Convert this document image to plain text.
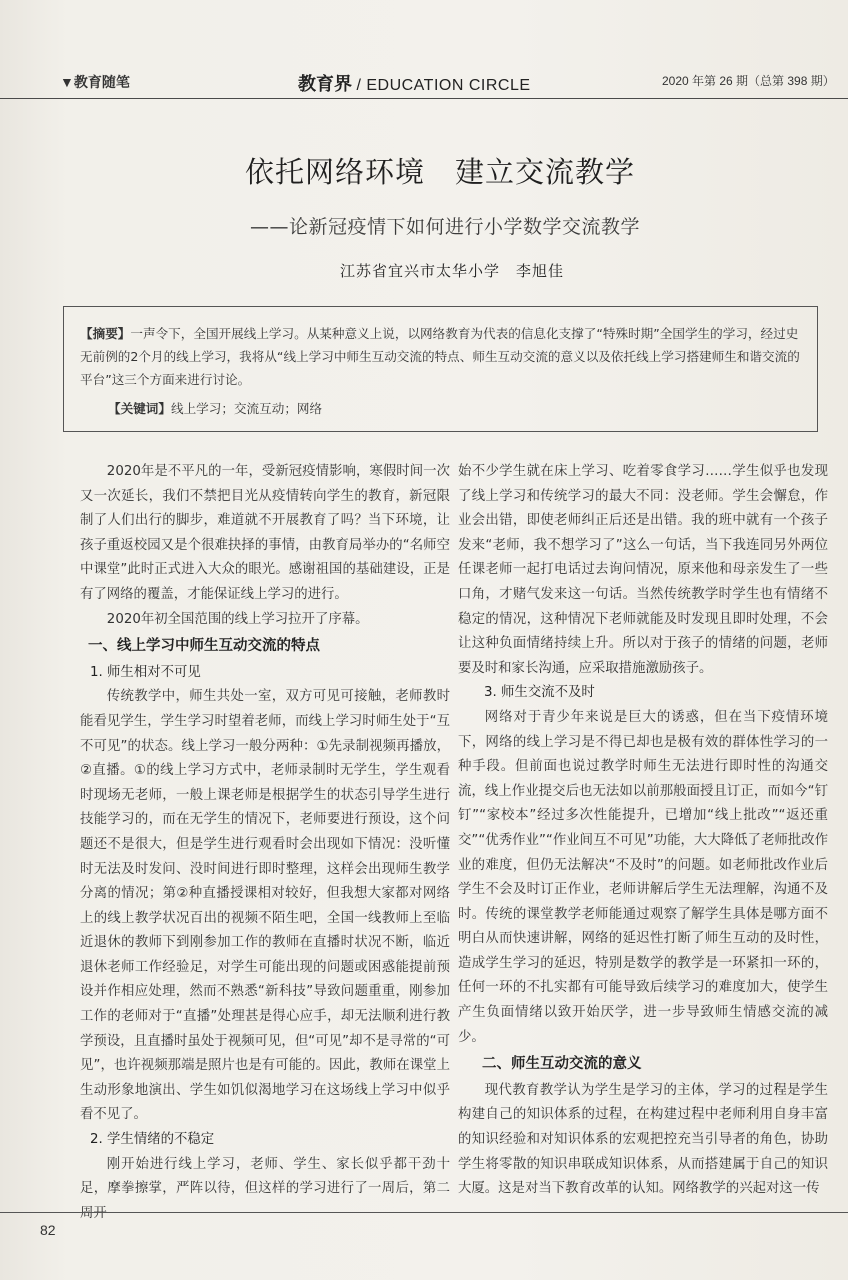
▼教育随笔	教育界 / EDUCATION CIRCLE	2020 年第 26 期（总第 398 期）
依托网络环境　建立交流教学
——论新冠疫情下如何进行小学数学交流教学
江苏省宜兴市太华小学　李旭佳
【摘要】一声令下，全国开展线上学习。从某种意义上说，以网络教育为代表的信息化支撑了“特殊时期”全国学生的学习，经过史无前例的2个月的线上学习，我将从“线上学习中师生互动交流的特点、师生互动交流的意义以及依托线上学习搭建师生和谐交流的平台”这三个方面来进行讨论。
【关键词】线上学习；交流互动；网络

2020年是不平凡的一年，受新冠疫情影响，寒假时间一次又一次延长，我们不禁把目光从疫情转向学生的教育，新冠限制了人们出行的脚步，难道就不开展教育了吗？当下环境，让孩子重返校园又是个很难抉择的事情，由教育局举办的“名师空中课堂”此时正式进入大众的眼光。感谢祖国的基础建设，正是有了网络的覆盖，才能保证线上学习的进行。

2020年初全国范围的线上学习拉开了序幕。

一、线上学习中师生互动交流的特点
1. 师生相对不可见

传统教学中，师生共处一室，双方可见可接触，老师教时能看见学生，学生学习时望着老师，而线上学习时师生处于“互不可见”的状态。线上学习一般分两种：①先录制视频再播放，②直播。①的线上学习方式中，老师录制时无学生，学生观看时现场无老师，一般上课老师是根据学生的状态引导学生进行技能学习的，而在无学生的情况下，老师要进行预设，这个问题还不是很大，但是学生进行观看时会出现如下情况：没听懂时无法及时发问、没时间进行即时整理，这样会出现师生教学分离的情况；第②种直播授课相对较好，但我想大家都对网络上的线上教学状况百出的视频不陌生吧，全国一线教师上至临近退休的教师下到刚参加工作的教师在直播时状况不断，临近退休老师工作经验足，对学生可能出现的问题或困惑能提前预设并作相应处理，然而不熟悉“新科技”导致问题重重，刚参加工作的老师对于“直播”处理甚是得心应手，却无法顺利进行教学预设，且直播时虽处于视频可见，但“可见”却不是寻常的“可见”，也许视频那端是照片也是有可能的。因此，教师在课堂上生动形象地演出、学生如饥似渴地学习在这场线上学习中似乎看不见了。

2. 学生情绪的不稳定

刚开始进行线上学习，老师、学生、家长似乎都干劲十足，摩拳擦掌，严阵以待，但这样的学习进行了一周后，第二周开

始不少学生就在床上学习、吃着零食学习……学生似乎也发现了线上学习和传统学习的最大不同：没老师。学生会懈怠，作业会出错，即使老师纠正后还是出错。我的班中就有一个孩子发来“老师，我不想学习了”这么一句话，当下我连同另外两位任课老师一起打电话过去询问情况，原来他和母亲发生了一些口角，才赌气发来这一句话。当然传统教学时学生也有情绪不稳定的情况，这种情况下老师就能及时发现且即时处理，不会让这种负面情绪持续上升。所以对于孩子的情绪的问题，老师要及时和家长沟通，应采取措施激励孩子。

3. 师生交流不及时

网络对于青少年来说是巨大的诱惑，但在当下疫情环境下，网络的线上学习是不得已却也是极有效的群体性学习的一种手段。但前面也说过教学时师生无法进行即时性的沟通交流，线上作业提交后也无法如以前那般面授且订正，而如今“钉钉”“家校本”经过多次性能提升，已增加“线上批改”“返还重交”“优秀作业”“作业间互不可见”功能，大大降低了老师批改作业的难度，但仍无法解决“不及时”的问题。如老师批改作业后学生不会及时订正作业，老师讲解后学生无法理解，沟通不及时。传统的课堂教学老师能通过观察了解学生具体是哪方面不明白从而快速讲解，网络的延迟性打断了师生互动的及时性，造成学生学习的延迟，特别是数学的教学是一环紧扣一环的，任何一环的不扎实都有可能导致后续学习的难度加大，使学生产生负面情绪以致开始厌学，进一步导致师生情感交流的减少。

二、师生互动交流的意义

现代教育教学认为学生是学习的主体，学习的过程是学生构建自己的知识体系的过程，在构建过程中老师利用自身丰富的知识经验和对知识体系的宏观把控充当引导者的角色，协助学生将零散的知识串联成知识体系，从而搭建属于自己的知识大厦。这是对当下教育改革的认知。网络教学的兴起对这一传

82
